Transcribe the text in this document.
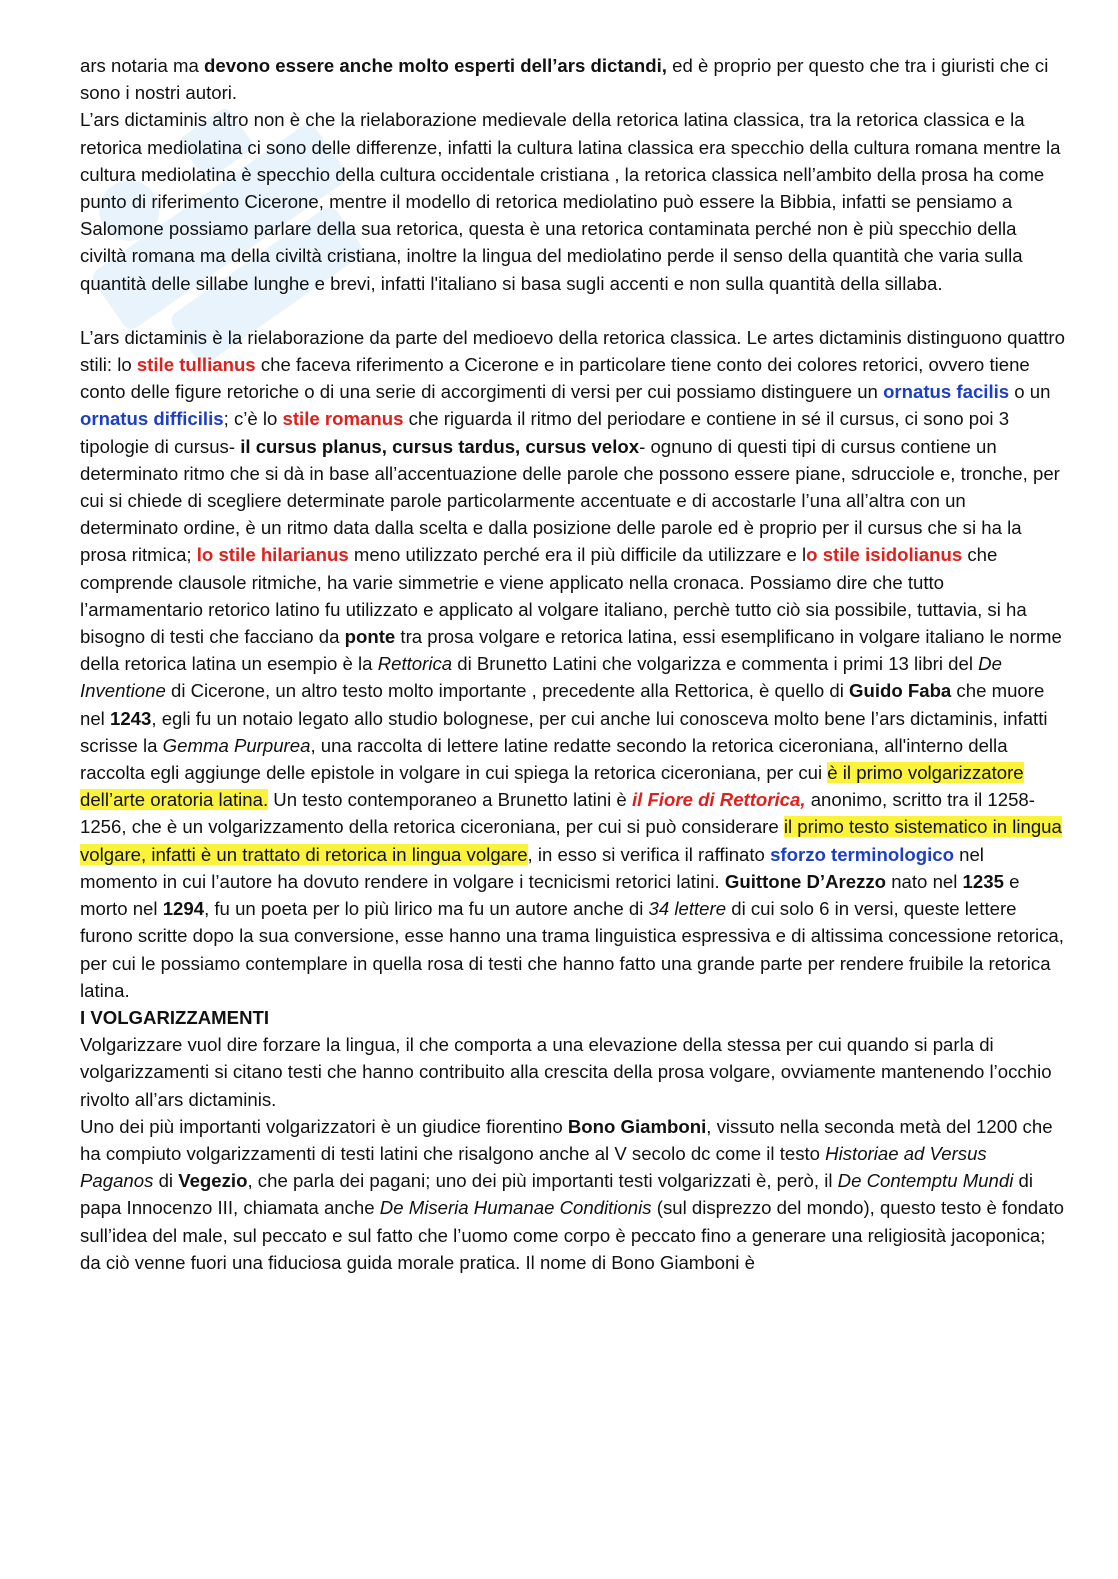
ars notaria ma devono essere anche molto esperti dell’ars dictandi, ed è proprio per questo che tra i giuristi che ci sono i nostri autori.

L’ars dictaminis altro non è che la rielaborazione medievale della retorica latina classica, tra la retorica classica e la retorica mediolatina ci sono delle differenze, infatti la cultura latina classica era specchio della cultura romana mentre la cultura mediolatina è specchio della cultura occidentale cristiana , la retorica classica nell’ambito della prosa ha come punto di riferimento Cicerone, mentre il modello di retorica mediolatino può essere la Bibbia, infatti se pensiamo a Salomone possiamo parlare della sua retorica, questa è una retorica contaminata perché non è più specchio della civiltà romana ma della civiltà cristiana, inoltre la lingua del mediolatino perde il senso della quantità che varia sulla quantità delle sillabe lunghe e brevi, infatti l'italiano si basa sugli accenti e non sulla quantità della sillaba.

L’ars dictaminis è la rielaborazione da parte del medioevo della retorica classica. Le artes dictaminis distinguono quattro stili: lo stile tullianus che faceva riferimento a Cicerone e in particolare tiene conto dei colores retorici, ovvero tiene conto delle figure retoriche o di una serie di accorgimenti di versi per cui possiamo distinguere un ornatus facilis o un ornatus difficilis; c’è lo stile romanus che riguarda il ritmo del periodare e contiene in sé il cursus, ci sono poi 3 tipologie di cursus- il cursus planus, cursus tardus, cursus velox- ognuno di questi tipi di cursus contiene un determinato ritmo che si dà in base all’accentuazione delle parole che possono essere piane, sdrucciole e, tronche, per cui si chiede di scegliere determinate parole particolarmente accentuate e di accostarle l’una all’altra con un determinato ordine, è un ritmo data dalla scelta e dalla posizione delle parole ed è proprio per il cursus che si ha la prosa ritmica; lo stile hilarianus meno utilizzato perché era il più difficile da utilizzare e lo stile isidolianus che comprende clausole ritmiche, ha varie simmetrie e viene applicato nella cronaca. Possiamo dire che tutto l’armamentario retorico latino fu utilizzato e applicato al volgare italiano, perchè tutto ciò sia possibile, tuttavia, si ha bisogno di testi che facciano da ponte tra prosa volgare e retorica latina, essi esemplificano in volgare italiano le norme della retorica latina un esempio è la Rettorica di Brunetto Latini che volgarizza e commenta i primi 13 libri del De Inventione di Cicerone, un altro testo molto importante , precedente alla Rettorica, è quello di Guido Faba che muore nel 1243, egli fu un notaio legato allo studio bolognese, per cui anche lui conosceva molto bene l’ars dictaminis, infatti scrisse la Gemma Purpurea, una raccolta di lettere latine redatte secondo la retorica ciceroniana, all'interno della raccolta egli aggiunge delle epistole in volgare in cui spiega la retorica ciceroniana, per cui è il primo volgarizzatore dell’arte oratoria latina. Un testo contemporaneo a Brunetto latini è il Fiore di Rettorica, anonimo, scritto tra il 1258-1256, che è un volgarizzamento della retorica ciceroniana, per cui si può considerare il primo testo sistematico in lingua volgare, infatti è un trattato di retorica in lingua volgare, in esso si verifica il raffinato sforzo terminologico nel momento in cui l’autore ha dovuto rendere in volgare i tecnicismi retorici latini. Guittone D’Arezzo nato nel 1235 e morto nel 1294, fu un poeta per lo più lirico ma fu un autore anche di 34 lettere di cui solo 6 in versi, queste lettere furono scritte dopo la sua conversione, esse hanno una trama linguistica espressiva e di altissima concessione retorica, per cui le possiamo contemplare in quella rosa di testi che hanno fatto una grande parte per rendere fruibile la retorica latina.

I VOLGARIZZAMENTI

Volgarizzare vuol dire forzare la lingua, il che comporta a una elevazione della stessa per cui quando si parla di volgarizzamenti si citano testi che hanno contribuito alla crescita della prosa volgare, ovviamente mantenendo l’occhio rivolto all’ars dictaminis.

Uno dei più importanti volgarizzatori è un giudice fiorentino Bono Giamboni, vissuto nella seconda metà del 1200 che ha compiuto volgarizzamenti di testi latini che risalgono anche al V secolo dc come il testo Historiae ad Versus Paganos di Vegezio, che parla dei pagani; uno dei più importanti testi volgarizzati è, però, il De Contemptu Mundi di papa Innocenzo III, chiamata anche De Miseria Humanae Conditionis (sul disprezzo del mondo), questo testo è fondato sull’idea del male, sul peccato e sul fatto che l’uomo come corpo è peccato fino a generare una religiosità jacoponica; da ciò venne fuori una fiduciosa guida morale pratica. Il nome di Bono Giamboni è
